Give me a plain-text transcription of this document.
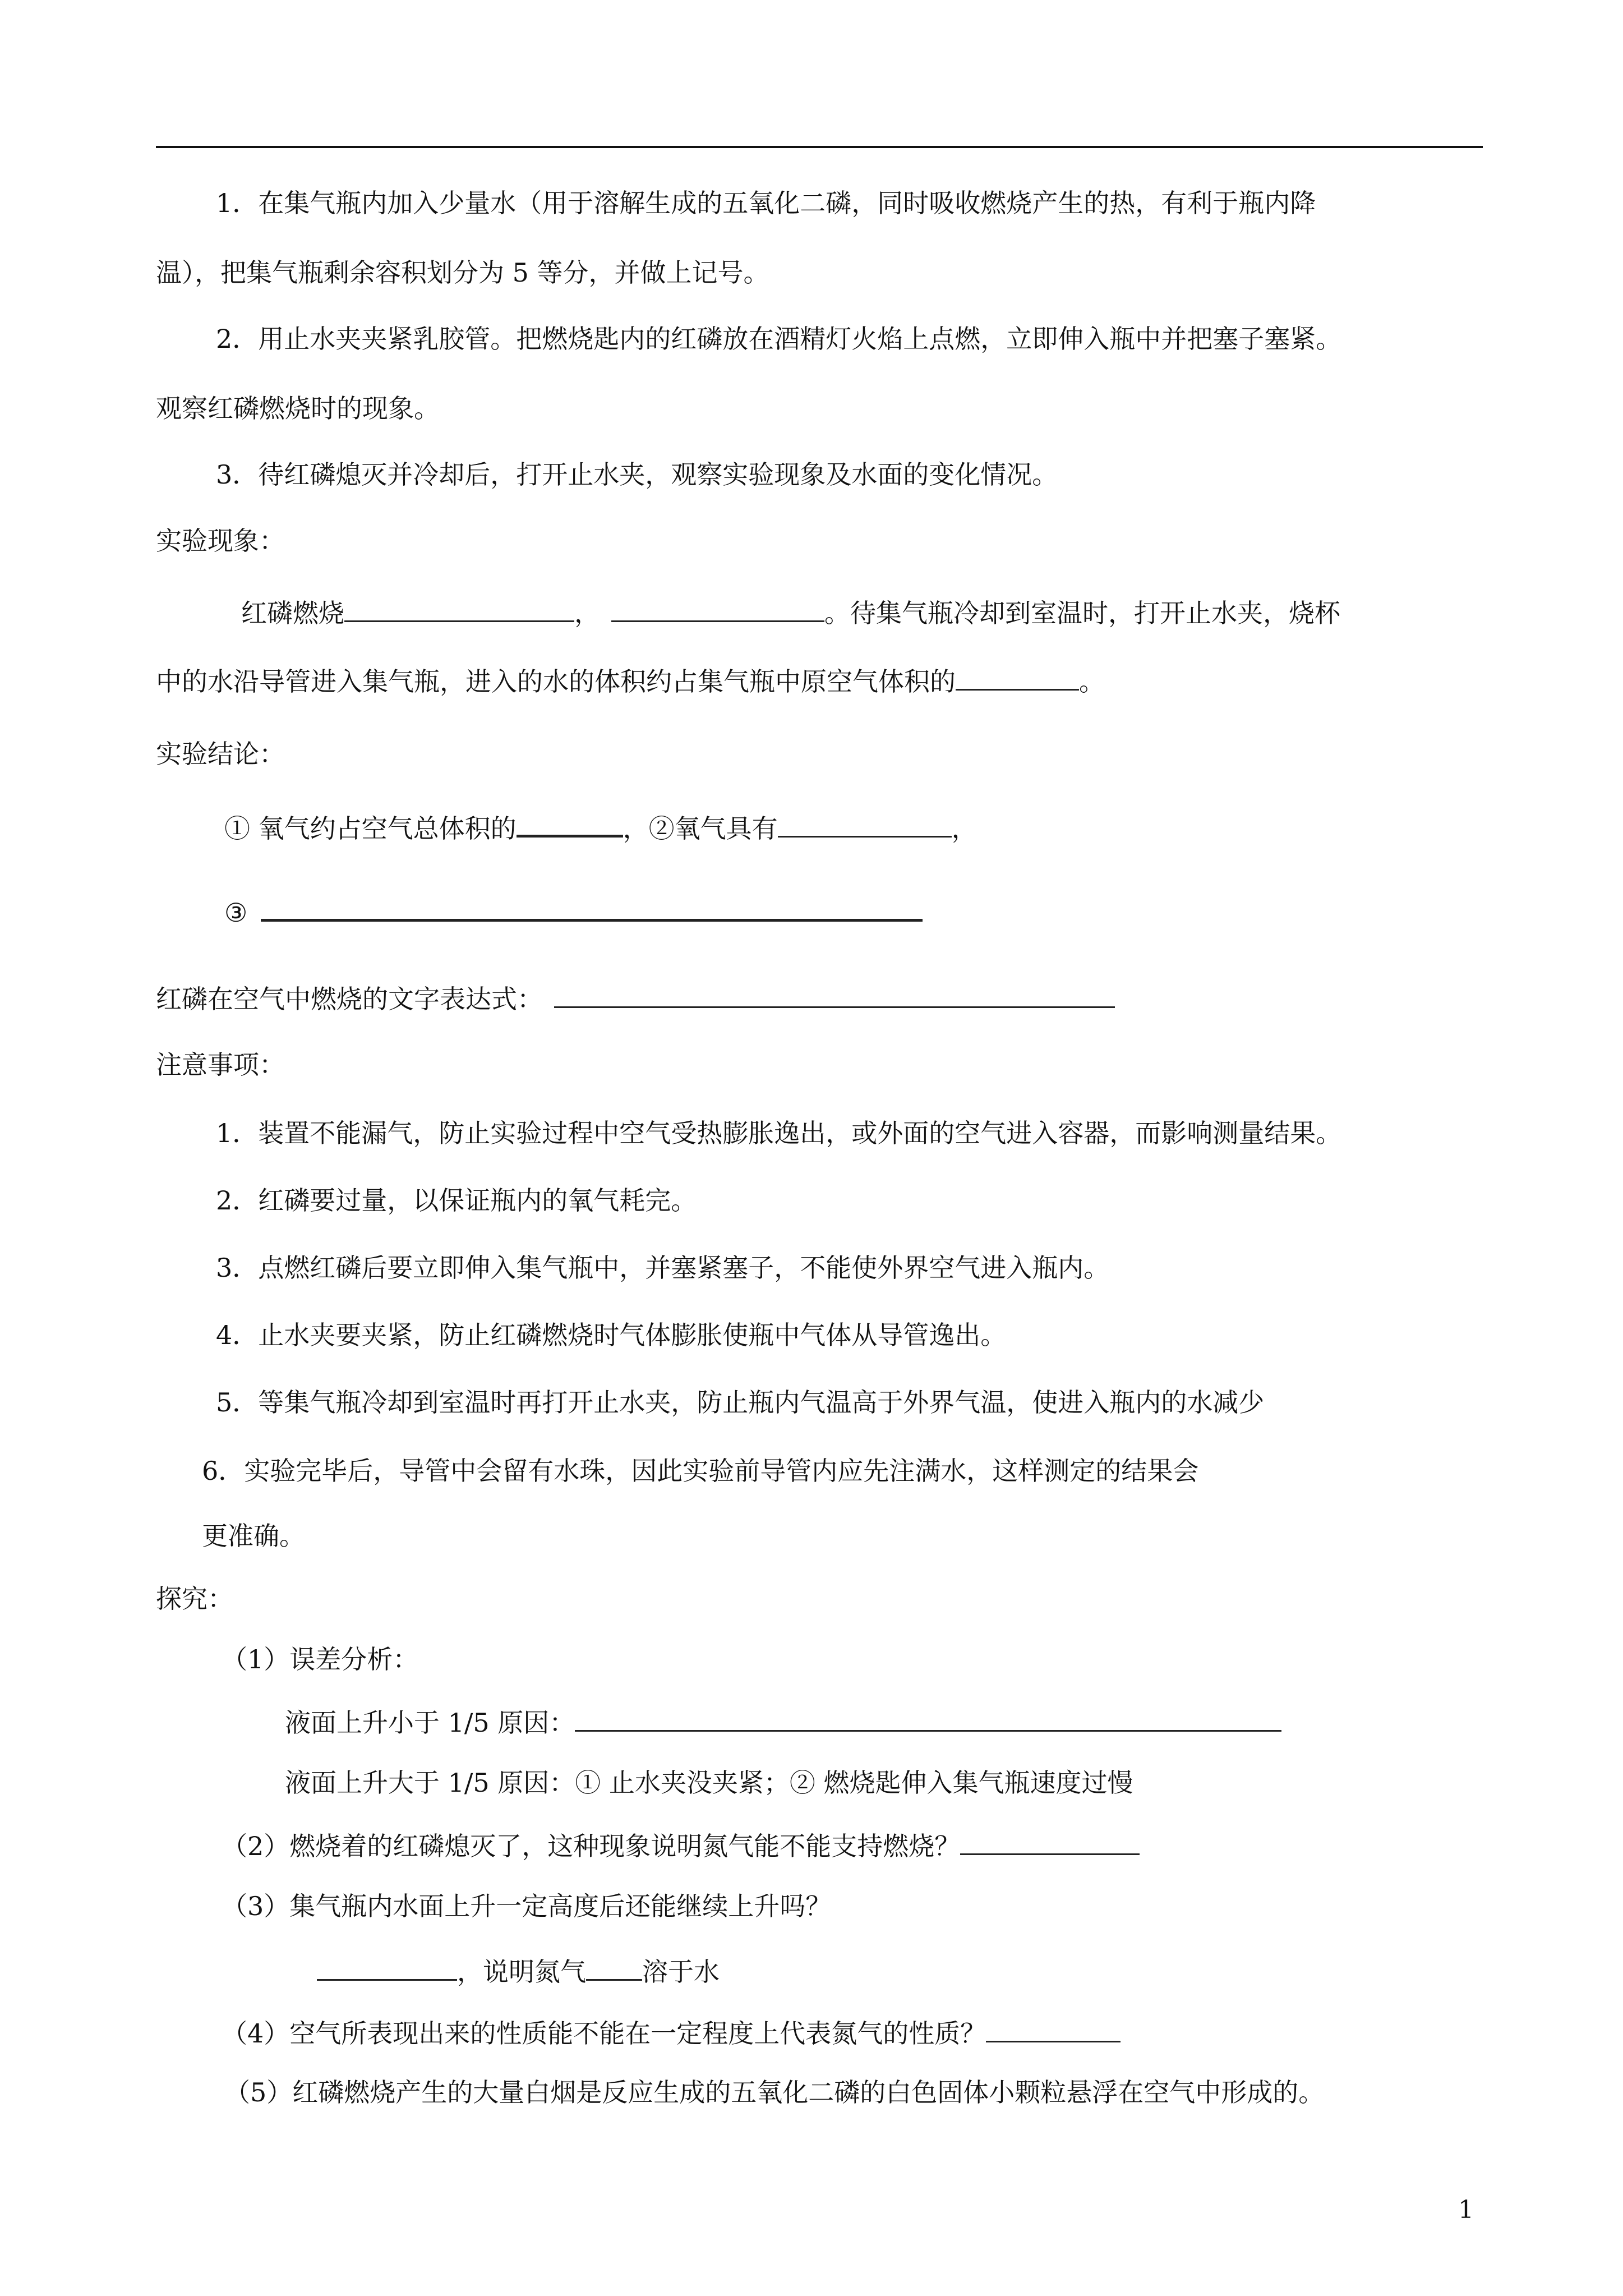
1．在集气瓶内加入少量水（用于溶解生成的五氧化二磷，同时吸收燃烧产生的热，有利于瓶内降
温），把集气瓶剩余容积划分为 5 等分，并做上记号。
2．用止水夹夹紧乳胶管。把燃烧匙内的红磷放在酒精灯火焰上点燃，立即伸入瓶中并把塞子塞紧。
观察红磷燃烧时的现象。
3．待红磷熄灭并冷却后，打开止水夹，观察实验现象及水面的变化情况。
实验现象：
红磷燃烧	，	。待集气瓶冷却到室温时，打开止水夹，烧杯
中的水沿导管进入集气瓶，进入的水的体积约占集气瓶中原空气体积的	。
实验结论：
① 氧气约占空气总体积的	，②氧气具有	，
③
红磷在空气中燃烧的文字表达式：
注意事项：
1．装置不能漏气，防止实验过程中空气受热膨胀逸出，或外面的空气进入容器，而影响测量结果。
2．红磷要过量，以保证瓶内的氧气耗完。
3．点燃红磷后要立即伸入集气瓶中，并塞紧塞子，不能使外界空气进入瓶内。
4．止水夹要夹紧，防止红磷燃烧时气体膨胀使瓶中气体从导管逸出。
5．等集气瓶冷却到室温时再打开止水夹，防止瓶内气温高于外界气温，使进入瓶内的水减少
6．实验完毕后，导管中会留有水珠，因此实验前导管内应先注满水，这样测定的结果会
更准确。
探究：
（1）误差分析：
液面上升小于 1/5 原因：
液面上升大于 1/5 原因：① 止水夹没夹紧；② 燃烧匙伸入集气瓶速度过慢
（2）燃烧着的红磷熄灭了，这种现象说明氮气能不能支持燃烧？
（3）集气瓶内水面上升一定高度后还能继续上升吗？
，说明氮气 溶于水
（4）空气所表现出来的性质能不能在一定程度上代表氮气的性质？
（5）红磷燃烧产生的大量白烟是反应生成的五氧化二磷的白色固体小颗粒悬浮在空气中形成的。
1
